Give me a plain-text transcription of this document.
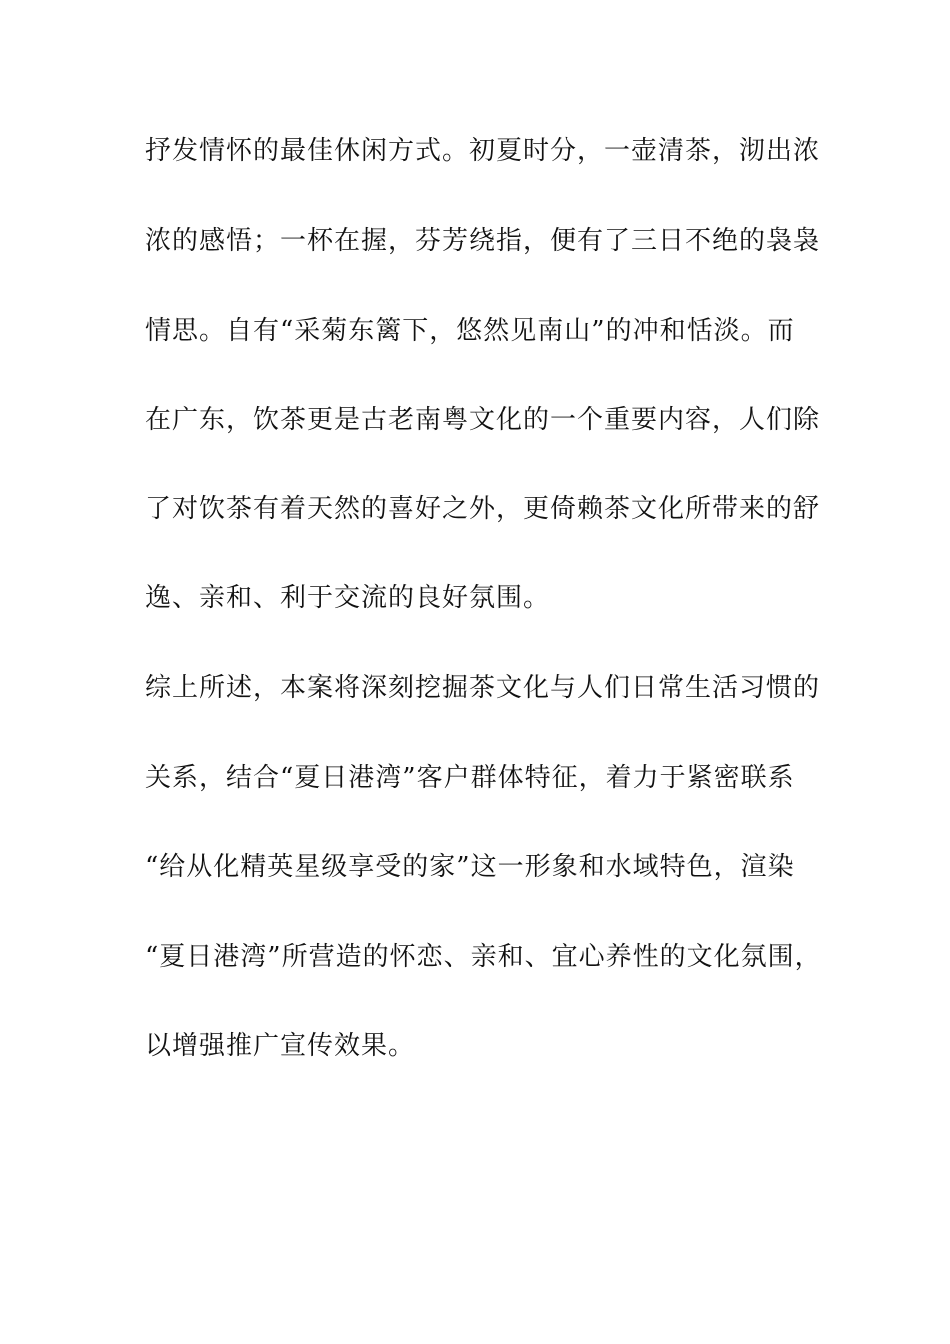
抒发情怀的最佳休闲方式。初夏时分，一壶清茶，沏出浓
浓的感悟；一杯在握，芬芳绕指，便有了三日不绝的袅袅
情思。自有“采菊东篱下，悠然见南山”的冲和恬淡。而
在广东，饮茶更是古老南粤文化的一个重要内容，人们除
了对饮茶有着天然的喜好之外，更倚赖茶文化所带来的舒
逸、亲和、利于交流的良好氛围。
综上所述，本案将深刻挖掘茶文化与人们日常生活习惯的
关系，结合“夏日港湾”客户群体特征，着力于紧密联系
“给从化精英星级享受的家”这一形象和水域特色，渲染
“夏日港湾”所营造的怀恋、亲和、宜心养性的文化氛围，
以增强推广宣传效果。
